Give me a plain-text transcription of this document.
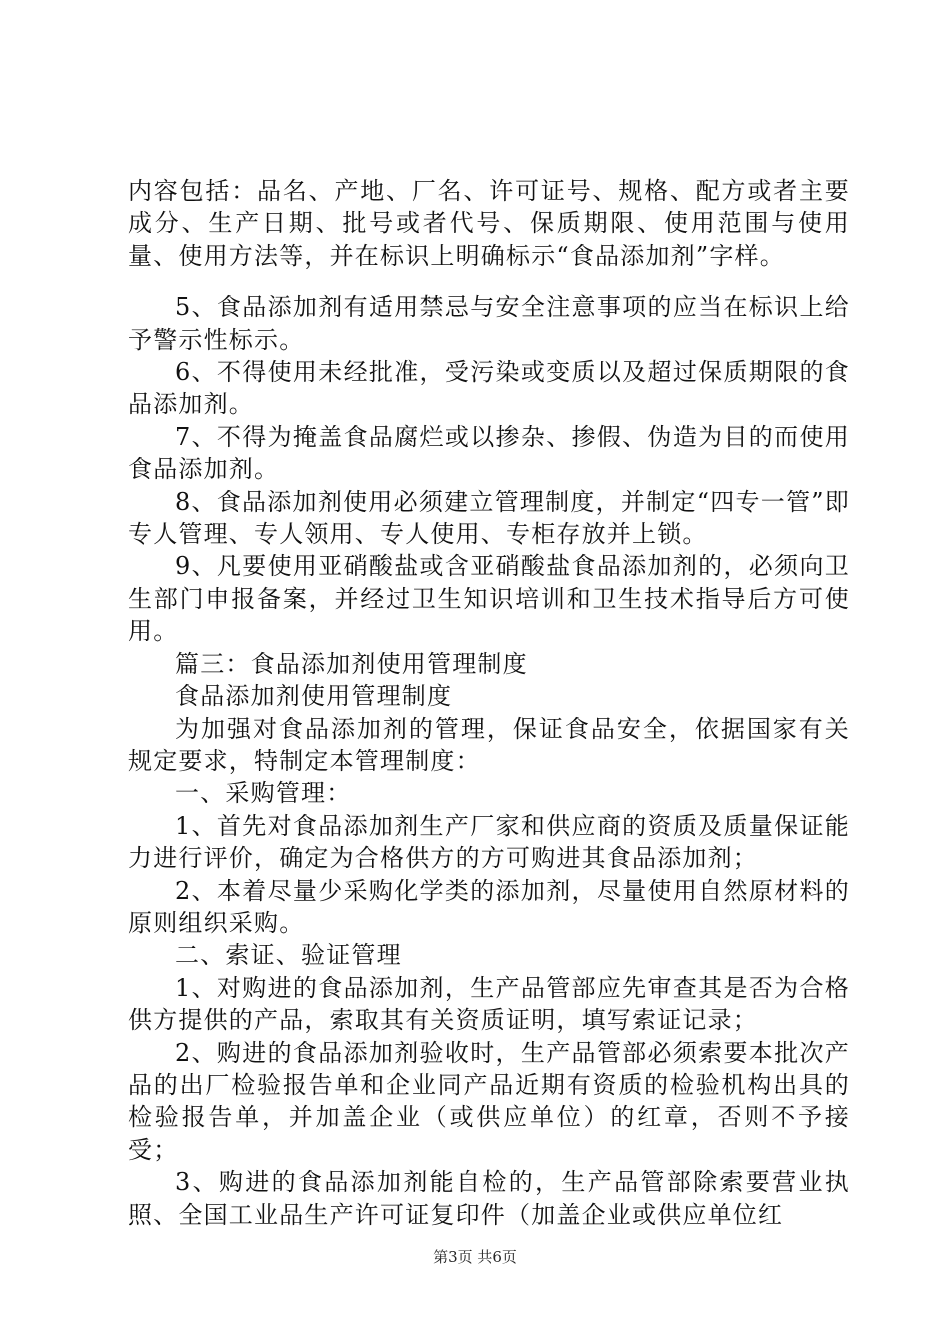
内容包括：品名、产地、厂名、许可证号、规格、配方或者主要成分、生产日期、批号或者代号、保质期限、使用范围与使用量、使用方法等，并在标识上明确标示“食品添加剂”字样。

5、食品添加剂有适用禁忌与安全注意事项的应当在标识上给予警示性标示。

6、不得使用未经批准，受污染或变质以及超过保质期限的食品添加剂。

7、不得为掩盖食品腐烂或以掺杂、掺假、伪造为目的而使用食品添加剂。

8、食品添加剂使用必须建立管理制度，并制定“四专一管”即专人管理、专人领用、专人使用、专柜存放并上锁。

9、凡要使用亚硝酸盐或含亚硝酸盐食品添加剂的，必须向卫生部门申报备案，并经过卫生知识培训和卫生技术指导后方可使用。

篇三：食品添加剂使用管理制度

食品添加剂使用管理制度

为加强对食品添加剂的管理，保证食品安全，依据国家有关规定要求，特制定本管理制度：

一、采购管理：

1、首先对食品添加剂生产厂家和供应商的资质及质量保证能力进行评价，确定为合格供方的方可购进其食品添加剂；

2、本着尽量少采购化学类的添加剂，尽量使用自然原材料的原则组织采购。

二、索证、验证管理

1、对购进的食品添加剂，生产品管部应先审查其是否为合格供方提供的产品，索取其有关资质证明，填写索证记录；

2、购进的食品添加剂验收时，生产品管部必须索要本批次产品的出厂检验报告单和企业同产品近期有资质的检验机构出具的检验报告单，并加盖企业（或供应单位）的红章，否则不予接受；

3、购进的食品添加剂能自检的，生产品管部除索要营业执照、全国工业品生产许可证复印件（加盖企业或供应单位红

第3页 共6页
